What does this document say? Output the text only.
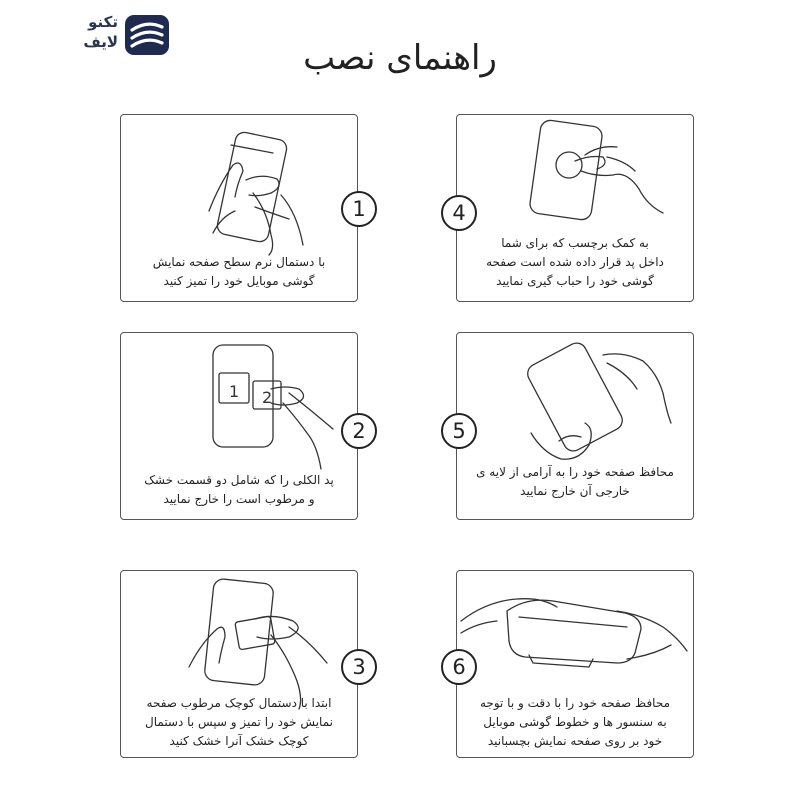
تکنو
لایف	راهنمای نصب
1
با دستمال نرم سطح صفحه نمایش
گوشی موبایل خود را تمیز کنید
4
به کمک برچسب که برای شما
داخل پد قرار داده شده است صفحه
گوشی خود را حباب گیری نمایید
1 2
2
پد الکلی را که شامل دو قسمت خشک
و مرطوب است را خارج نمایید
5
محافظ صفحه خود را به آرامی از لایه ی
خارجی آن خارج نمایید
3
ابتدا با دستمال کوچک مرطوب صفحه
نمایش خود را تمیز و سپس با دستمال
کوچک خشک آنرا خشک کنید
6
محافظ صفحه خود را با دقت و با توجه
به سنسور ها و خطوط گوشی موبایل
خود بر روی صفحه نمایش بچسبانید
